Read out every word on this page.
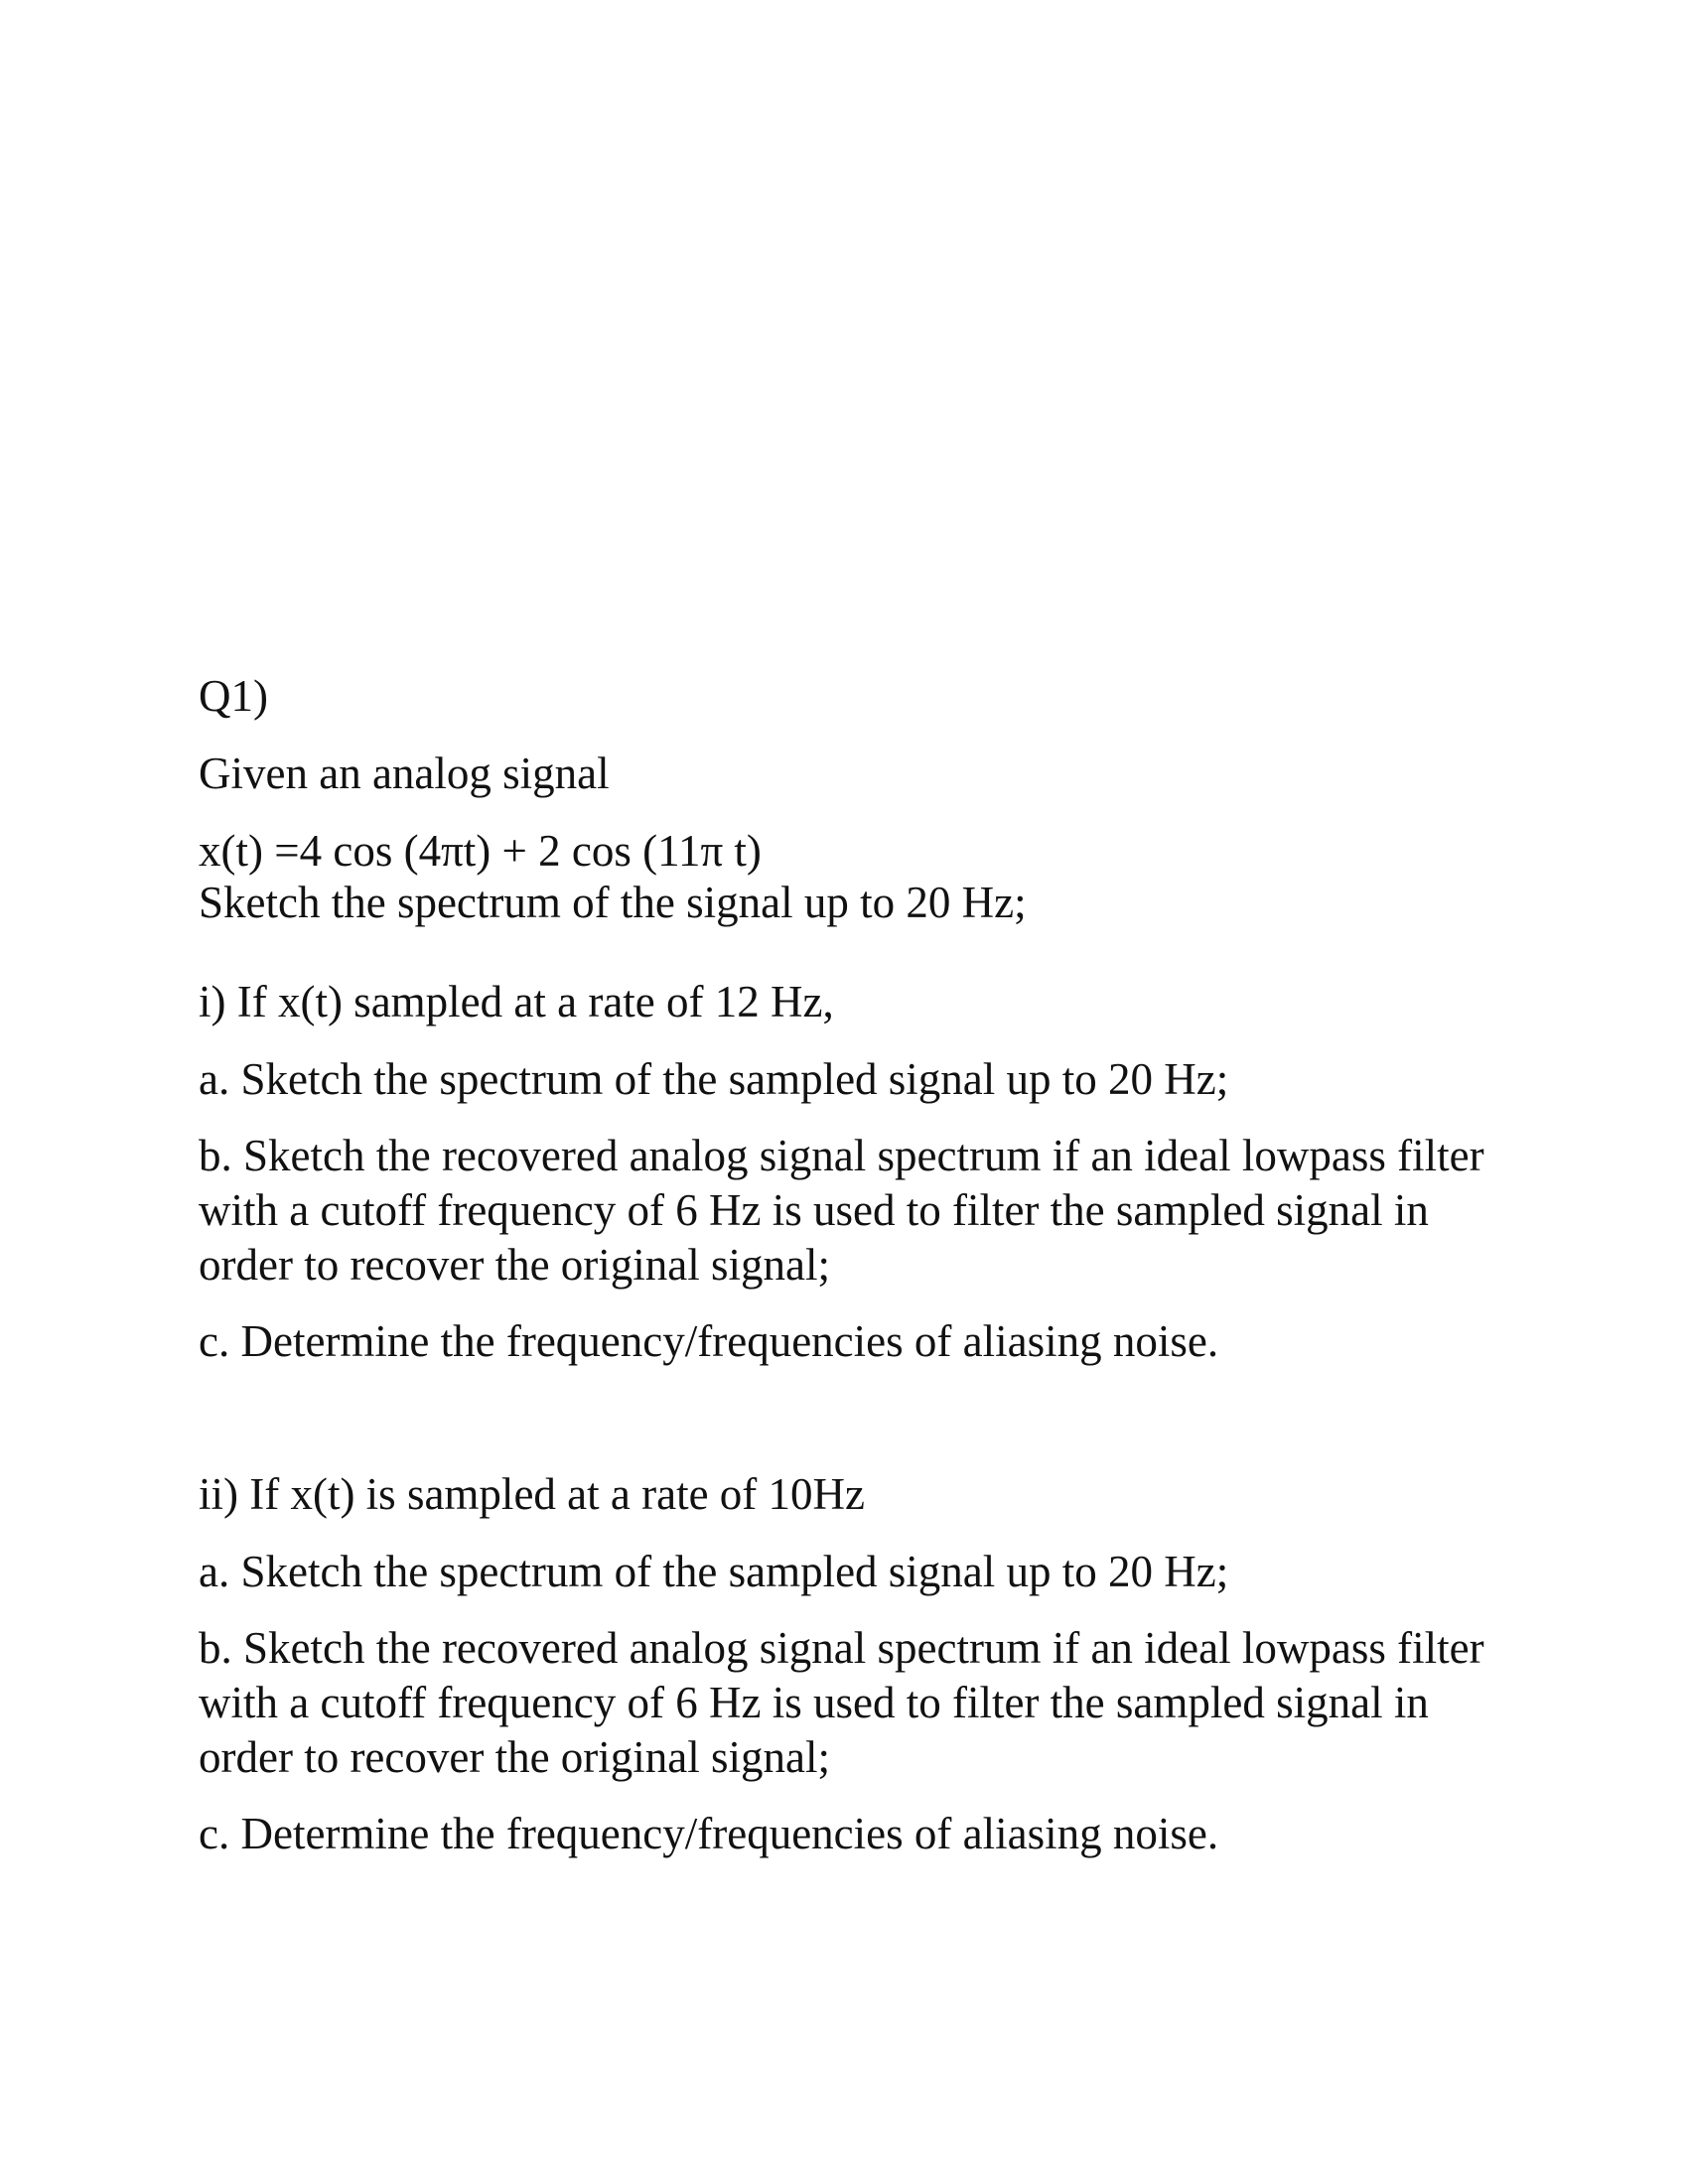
Q1)

Given an analog signal

x(t) =4 cos (4πt) + 2 cos (11π t)

Sketch the spectrum of the signal up to 20 Hz;

i) If x(t) sampled at a rate of 12 Hz,

a. Sketch the spectrum of the sampled signal up to 20 Hz;

b. Sketch the recovered analog signal spectrum if an ideal lowpass filter

with a cutoff frequency of 6 Hz is used to filter the sampled signal in

order to recover the original signal;

c. Determine the frequency/frequencies of aliasing noise.

ii) If x(t) is sampled at a rate of 10Hz

a. Sketch the spectrum of the sampled signal up to 20 Hz;

b. Sketch the recovered analog signal spectrum if an ideal lowpass filter

with a cutoff frequency of 6 Hz is used to filter the sampled signal in

order to recover the original signal;

c. Determine the frequency/frequencies of aliasing noise.
